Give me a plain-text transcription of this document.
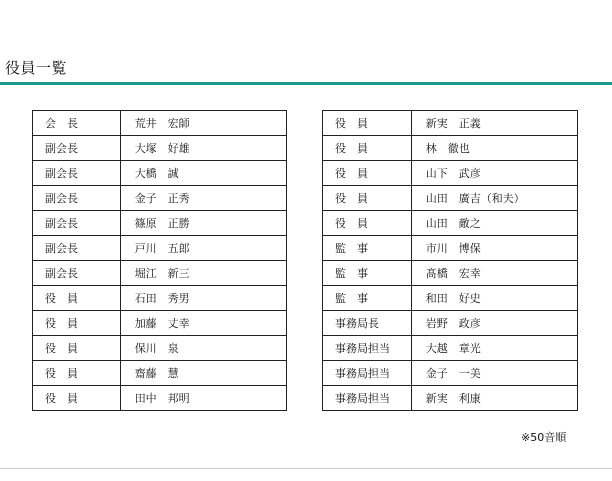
役員一覧
会　長	荒井　宏師
副会長	大塚　好雄
副会長	大橋　誠
副会長	金子　正秀
副会長	篠原　正勝
副会長	戸川　五郎
副会長	堀江　新三
役　員	石田　秀男
役　員	加藤　丈幸
役　員	保川　泉
役　員	齋藤　慧
役　員	田中　邦明
役　員	新実　正義
役　員	林　徹也
役　員	山下　武彦
役　員	山田　廣吉（和夫）
役　員	山田　敵之
監　事	市川　博保
監　事	髙橋　宏幸
監　事	和田　好史
事務局長	岩野　政彦
事務局担当	大越　章光
事務局担当	金子　一美
事務局担当	新実　利康
※50音順
